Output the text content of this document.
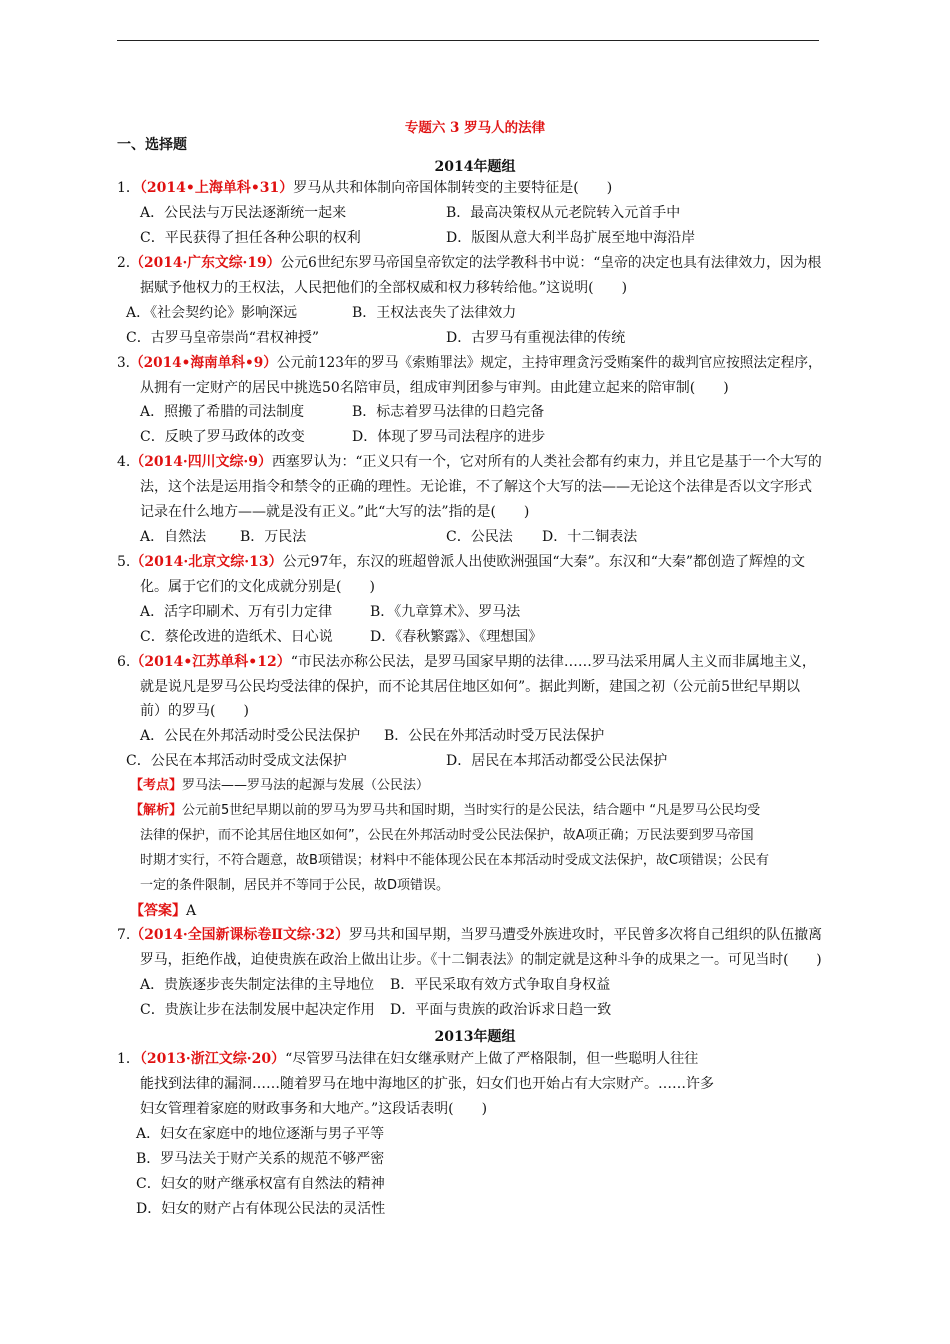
专题六 3 罗马人的法律
一、选择题
2014年题组
1．（2014•上海单科•31）罗马从共和体制向帝国体制转变的主要特征是(　　)
A．公民法与万民法逐渐统一起来	B．最高决策权从元老院转入元首手中
C．平民获得了担任各种公职的权利	D．版图从意大利半岛扩展至地中海沿岸
2.（2014·广东文综·19）公元6世纪东罗马帝国皇帝钦定的法学教科书中说：“皇帝的决定也具有法律效力，因为根
据赋予他权力的王权法，人民把他们的全部权威和权力移转给他。”这说明(　　)
A．《社会契约论》影响深远	B．王权法丧失了法律效力
C．古罗马皇帝崇尚“君权神授”	D．古罗马有重视法律的传统
3.（2014•海南单科•9）公元前123年的罗马《索贿罪法》规定，主持审理贪污受贿案件的裁判官应按照法定程序，
从拥有一定财产的居民中挑选50名陪审员，组成审判团参与审判。由此建立起来的陪审制(　　)
A．照搬了希腊的司法制度	B．标志着罗马法律的日趋完备
C．反映了罗马政体的改变	D．体现了罗马司法程序的进步
4.（2014·四川文综·9）西塞罗认为：“正义只有一个，它对所有的人类社会都有约束力，并且它是基于一个大写的
法，这个法是运用指令和禁令的正确的理性。无论谁，不了解这个大写的法——无论这个法律是否以文字形式
记录在什么地方——就是没有正义。”此“大写的法”指的是(　　)
A．自然法 B．万民法	C．公民法 D．十二铜表法
5.（2014·北京文综·13）公元97年，东汉的班超曾派人出使欧洲强国“大秦”。东汉和“大秦”都创造了辉煌的文
化。属于它们的文化成就分别是(　　)
A．活字印刷术、万有引力定律	B．《九章算术》、罗马法
C．蔡伦改进的造纸术、日心说	D．《春秋繁露》、《理想国》
6.（2014•江苏单科•12）“市民法亦称公民法，是罗马国家早期的法律……罗马法采用属人主义而非属地主义，
就是说凡是罗马公民均受法律的保护，而不论其居住地区如何”。据此判断，建国之初（公元前5世纪早期以
前）的罗马(　　)
A．公民在外邦活动时受公民法保护 B．公民在外邦活动时受万民法保护
C．公民在本邦活动时受成文法保护	D．居民在本邦活动都受公民法保护
【考点】罗马法——罗马法的起源与发展（公民法）
【解析】公元前5世纪早期以前的罗马为罗马共和国时期，当时实行的是公民法，结合题中 “凡是罗马公民均受
法律的保护，而不论其居住地区如何”，公民在外邦活动时受公民法保护，故A项正确；万民法要到罗马帝国
时期才实行，不符合题意，故B项错误；材料中不能体现公民在本邦活动时受成文法保护，故C项错误；公民有
一定的条件限制，居民并不等同于公民，故D项错误。
【答案】A
7.（2014·全国新课标卷Ⅱ文综·32）罗马共和国早期，当罗马遭受外族进攻时，平民曾多次将自己组织的队伍撤离
罗马，拒绝作战，迫使贵族在政治上做出让步。《十二铜表法》的制定就是这种斗争的成果之一。可见当时(　　)
A．贵族逐步丧失制定法律的主导地位 B．平民采取有效方式争取自身权益
C．贵族让步在法制发展中起决定作用 D．平面与贵族的政治诉求日趋一致
2013年题组
1．（2013·浙江文综·20）“尽管罗马法律在妇女继承财产上做了严格限制，但一些聪明人往往
能找到法律的漏洞……随着罗马在地中海地区的扩张，妇女们也开始占有大宗财产。……许多
妇女管理着家庭的财政事务和大地产。”这段话表明(　　)
A．妇女在家庭中的地位逐渐与男子平等
B．罗马法关于财产关系的规范不够严密
C．妇女的财产继承权富有自然法的精神
D．妇女的财产占有体现公民法的灵活性
